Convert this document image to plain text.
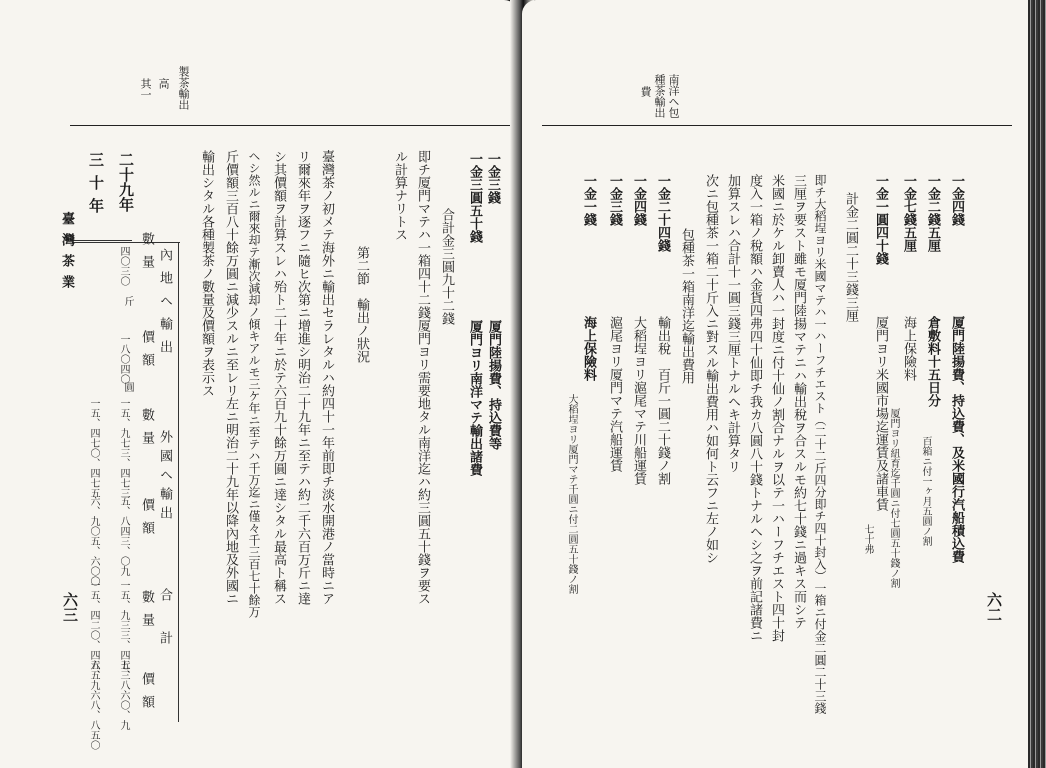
製茶輸出
高
其一
一金三錢
一金三圓五十錢
厦門陸揚費、持込費等
厦門ヨリ南洋マテ輸出諸費
合計金三圓九十二錢
即チ厦門マテハ一箱四十二錢厦門ヨリ需要地タル南洋迄ハ約三圓五十錢ヲ要ス
ル計算ナリトス
第二節　輸出ノ狀況
臺灣茶ノ初メテ海外ニ輸出セラレタルハ約四十一年前即チ淡水開港ノ當時ニア
リ爾來年ヲ逐フニ隨ヒ次第ニ增進シ明治二十九年ニ至テハ約二千六百万斤ニ達
シ其價額ヲ計算スレハ殆ト二十年ニ於テ六百九十餘万圓ニ達シタル最高ト稱ス
ヘシ然ルニ爾來却テ漸次減却ノ傾キアルモ三ケ年ニ至テハ千万迄ニ僅々千三百七十餘万
斤價額三百八十餘万圓ニ減少スルニ至レリ左ニ明治二十九年以降內地及外國ニ
輸出シタル各種製茶ノ數量及價額ヲ表示ス
內地ヘ輸出
外國ヘ輸出
合計
數量
價額
數量
價額
數量
價額
斤
圓
二十九年
四〇三〇
一八〇四〇
一五、九七三、四七三
五、八四三、〇九
一五、九三三、四七三
五、八六〇、九
三十年
一五、四七〇、四七五
六、九〇五、六〇〇
一五、四二〇、四五五
六、九六八、八五〇
臺灣茶業
六三
南洋ヘ包
種茶輸出
費
一金四錢
厦門陸揚費、持込費、及米國行汽船積込費
一金二錢五厘
倉敷料十五日分
百箱ニ付一ヶ月五圓ノ割
一金七錢五厘
海上保險料
厦門ヨリ紐育迄千圓ニ付七圓五十錢ノ割
一金一圓四十錢
厦門ヨリ米國市場迄運賃及諸車賃
七十弗
計金二圓二十三錢三厘
即チ大稻埕ヨリ米國マテハ一ハーフチエスト（二十二斤四分即チ四十封入）一箱ニ付金二圓二十三錢
三厘ヲ要スト雖モ厦門陸揚マテニハ輸出稅ヲ合スルモ約七十錢ニ過キス而シテ
米國ニ於ケル卸賣人ハ一封度ニ付十仙ノ割合ナルヲ以テ一ハーフチエスト四十封
度入一箱ノ稅額ハ金貨四弗四十仙即チ我カ八圓八十錢トナルヘシ之ヲ前記諸費ニ
加算スレハ合計十一圓三錢三厘トナルヘキ計算タリ
次ニ包種茶一箱二十斤入ニ對スル輸出費用ハ如何ト云フニ左ノ如シ
包種茶一箱南洋迄輸出費用
一金二十四錢
輸出稅　百斤一圓二十錢ノ割
一金四錢
大稻埕ヨリ滬尾マテ川船運賃
一金三錢
滬尾ヨリ厦門マテ汽船運賃
一金一錢
海上保險料
大稻埕ヨリ厦門マテ千圓ニ付二圓五十錢ノ割
六二
